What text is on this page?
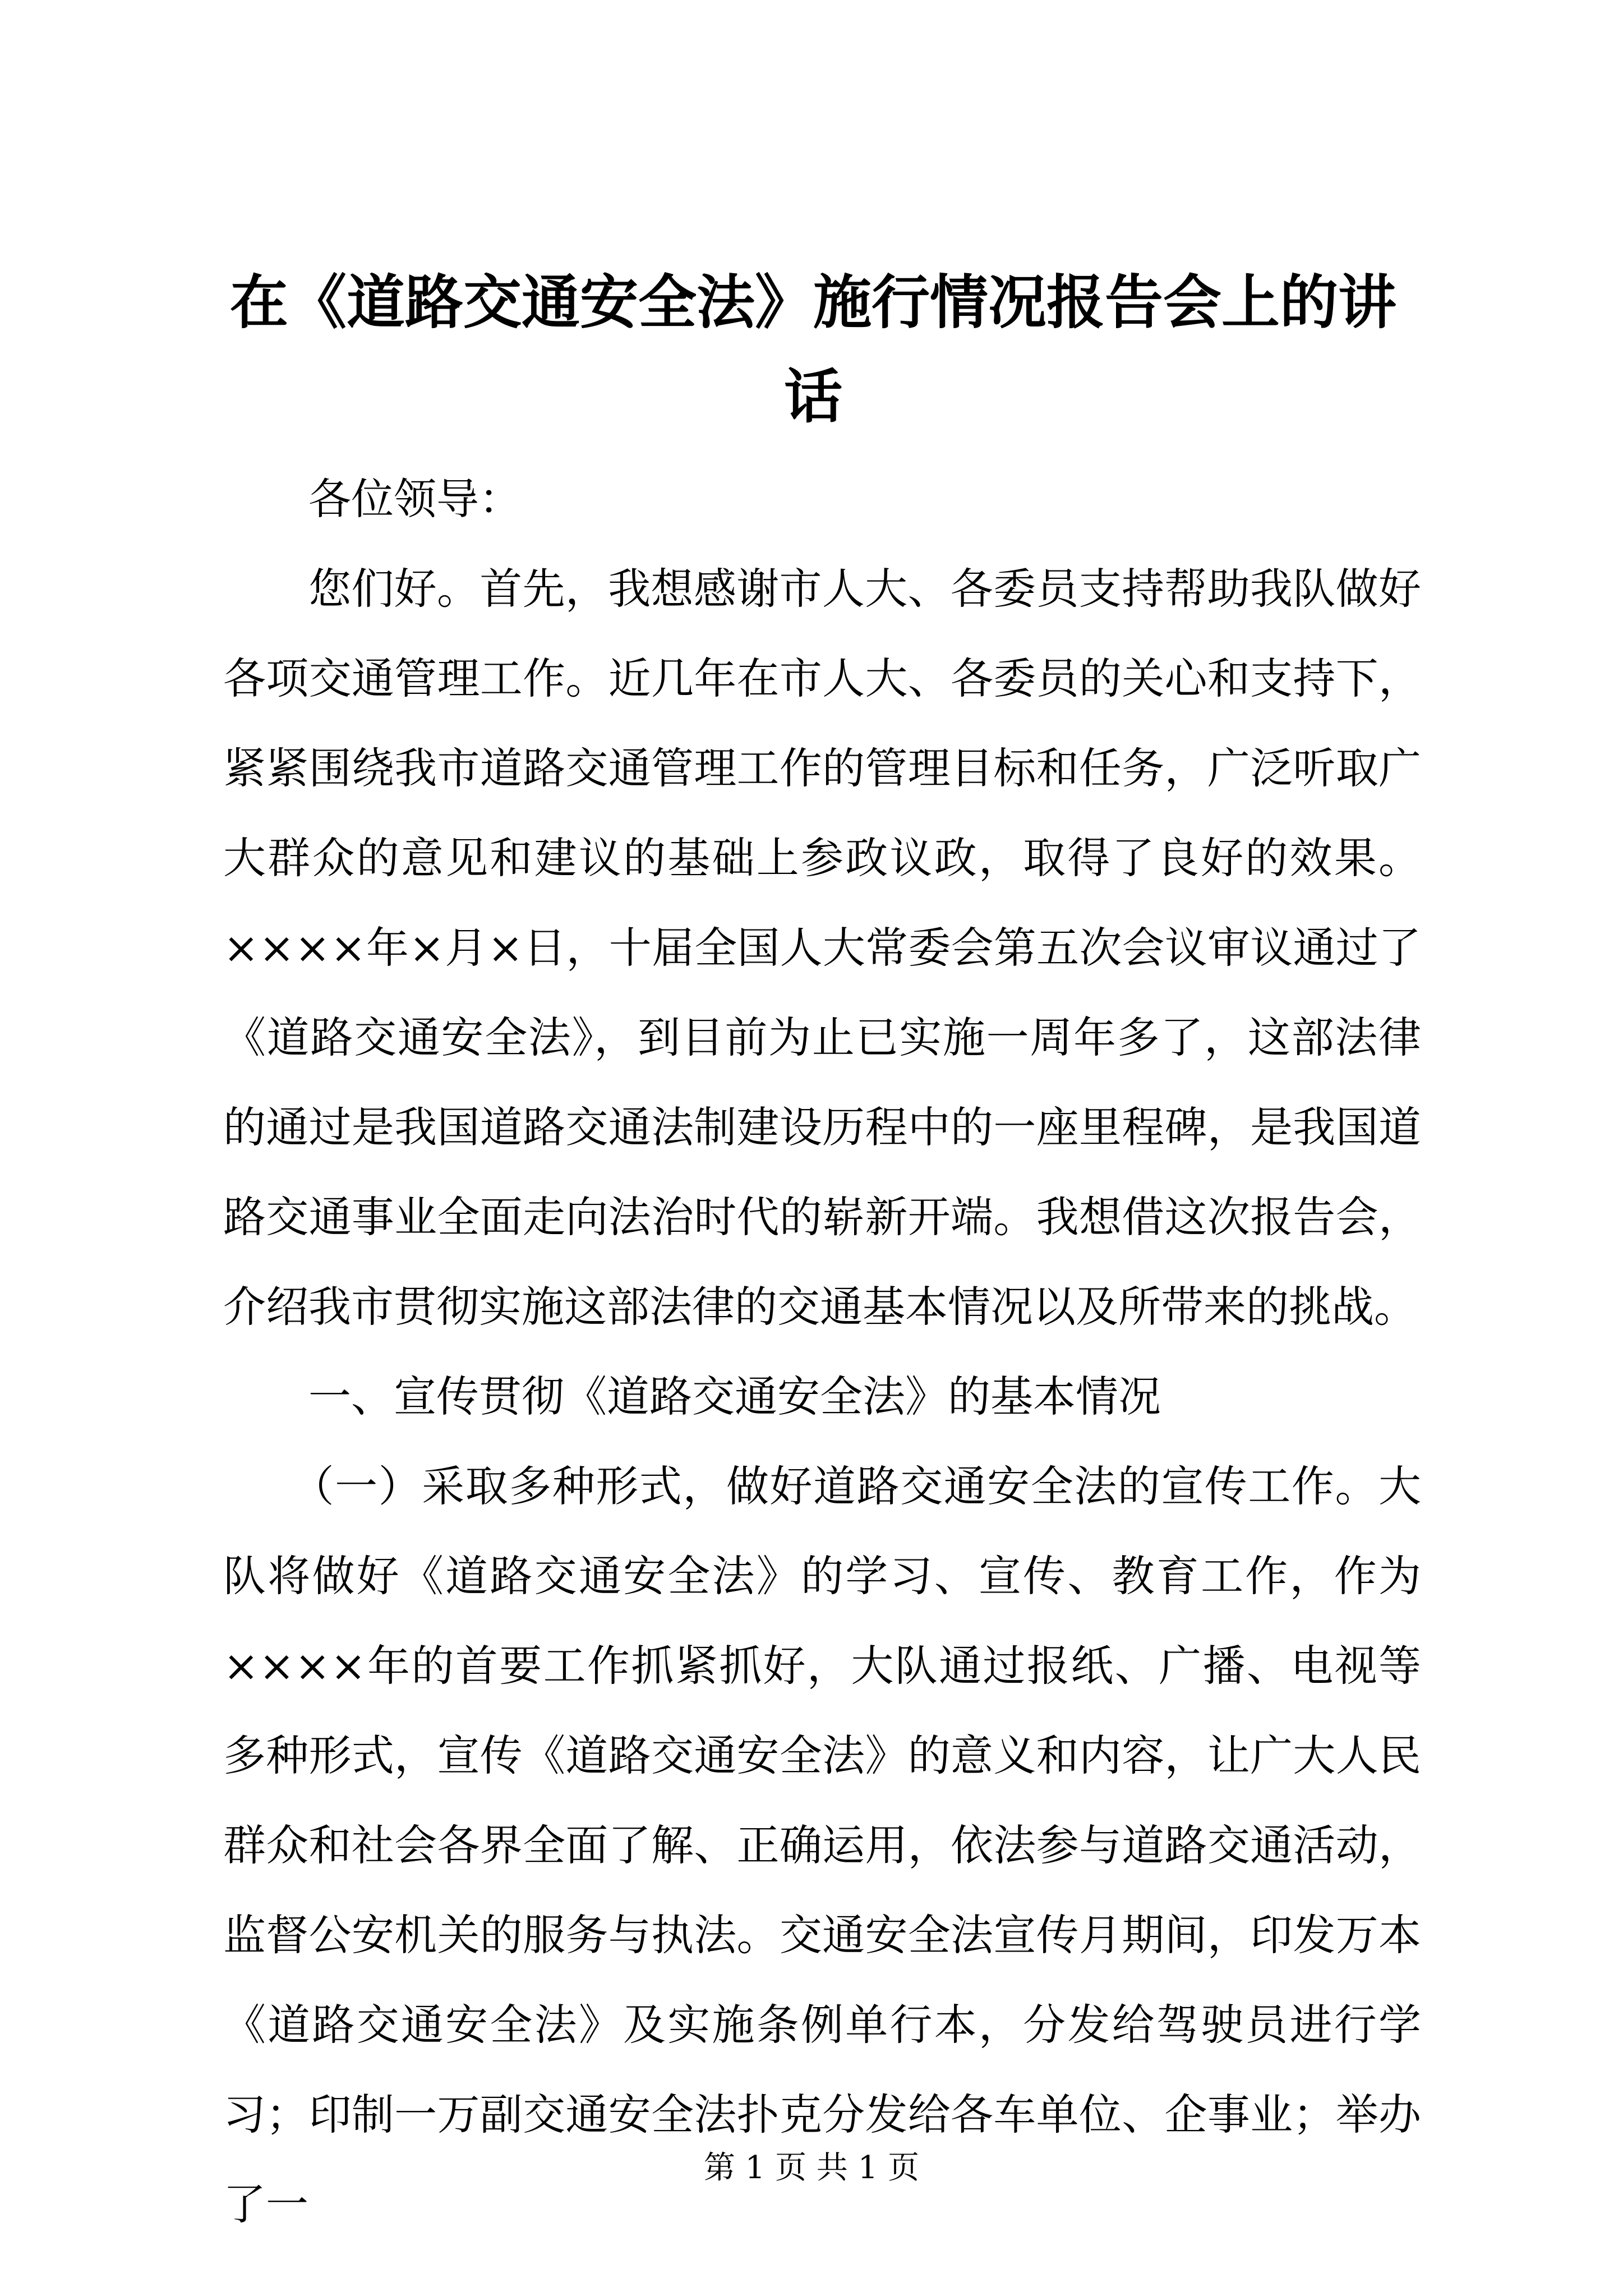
在《道路交通安全法》施行情况报告会上的讲话

各位领导：

您们好。首先，我想感谢市人大、各委员支持帮助我队做好各项交通管理工作。近几年在市人大、各委员的关心和支持下，紧紧围绕我市道路交通管理工作的管理目标和任务，广泛听取广大群众的意见和建议的基础上参政议政，取得了良好的效果。××××年×月×日，十届全国人大常委会第五次会议审议通过了《道路交通安全法》，到目前为止已实施一周年多了，这部法律的通过是我国道路交通法制建设历程中的一座里程碑，是我国道路交通事业全面走向法治时代的崭新开端。我想借这次报告会，介绍我市贯彻实施这部法律的交通基本情况以及所带来的挑战。

一、宣传贯彻《道路交通安全法》的基本情况

（一）采取多种形式，做好道路交通安全法的宣传工作。大队将做好《道路交通安全法》的学习、宣传、教育工作，作为××××年的首要工作抓紧抓好，大队通过报纸、广播、电视等多种形式，宣传《道路交通安全法》的意义和内容，让广大人民群众和社会各界全面了解、正确运用，依法参与道路交通活动，监督公安机关的服务与执法。交通安全法宣传月期间，印发万本《道路交通安全法》及实施条例单行本，分发给驾驶员进行学习；印制一万副交通安全法扑克分发给各车单位、企事业；举办了一

第 1 页 共 1 页
